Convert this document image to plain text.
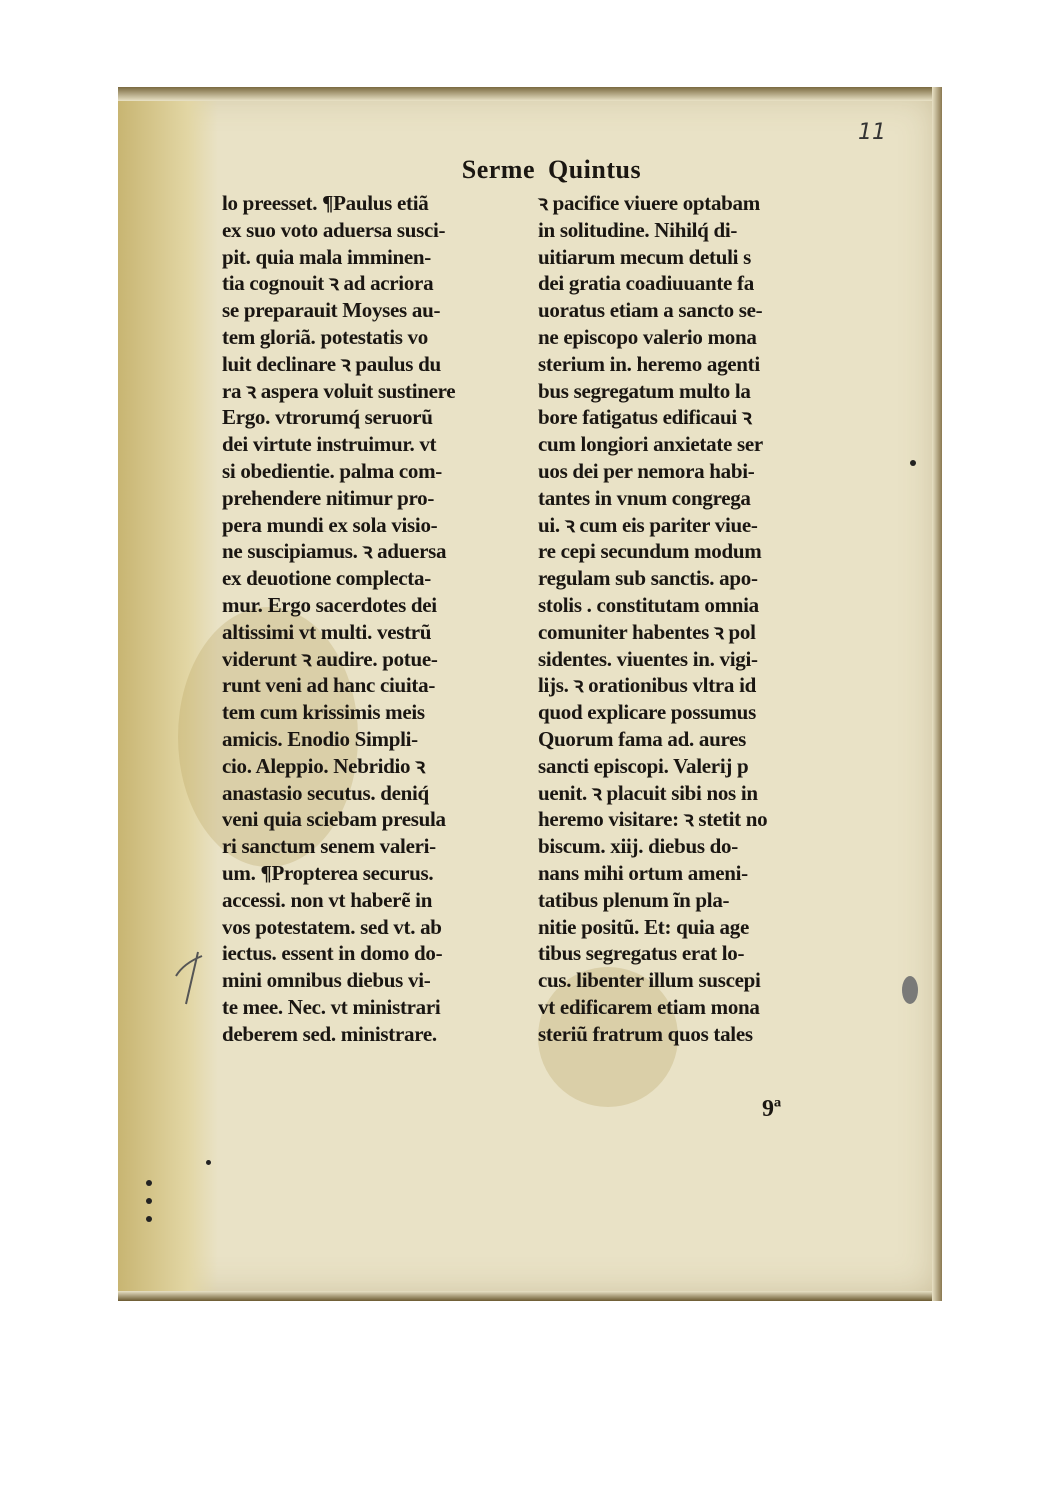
11
Serme Quintus
lo preesset. ¶Paulus etiã
ex suo voto aduersa susci-
pit. quia mala imminen-
tia cognouit ꝛ ad acriora
se preparauit Moyses au-
tem gloriã. potestatis vo
luit declinare ꝛ paulus du
ra ꝛ aspera voluit sustinere
Ergo. vtrorumq́ seruorũ
dei virtute instruimur. vt
si obedientie. palma com-
prehendere nitimur pro-
pera mundi ex sola visio-
ne suscipiamus. ꝛ aduersa
ex deuotione complecta-
mur. Ergo sacerdotes dei
altissimi vt multi. vestrũ
viderunt ꝛ audire. potue-
runt veni ad hanc ciuita-
tem cum krissimis meis
amicis. Enodio Simpli-
cio. Aleppio. Nebridio ꝛ
anastasio secutus. deniq́
veni quia sciebam presula
ri sanctum senem valeri-
um. ¶Propterea securus.
accessi. non vt haberẽ in
vos potestatem. sed vt. ab
iectus. essent in domo do-
mini omnibus diebus vi-
te mee. Nec. vt ministrari
deberem sed. ministrare.
ꝛ pacifice viuere optabam
in solitudine. Nihilq́ di-
uitiarum mecum detuli s
dei gratia coadiuuante fa
uoratus etiam a sancto se-
ne episcopo valerio mona
sterium in. heremo agenti
bus segregatum multo la
bore fatigatus edificaui ꝛ
cum longiori anxietate ser
uos dei per nemora habi-
tantes in vnum congrega
ui. ꝛ cum eis pariter viue-
re cepi secundum modum
regulam sub sanctis. apo-
stolis . constitutam omnia
comuniter habentes ꝛ pol
sidentes. viuentes in. vigi-
lijs. ꝛ orationibus vltra id
quod explicare possumus
Quorum fama ad. aures
sancti episcopi. Valerij p
uenit. ꝛ placuit sibi nos in
heremo visitare: ꝛ stetit no
biscum. xiij. diebus do-
nans mihi ortum ameni-
tatibus plenum ĩn pla-
nitie positũ. Et: quia age
tibus segregatus erat lo-
cus. libenter illum suscepi
vt edificarem etiam mona
steriũ fratrum quos tales
9ª
